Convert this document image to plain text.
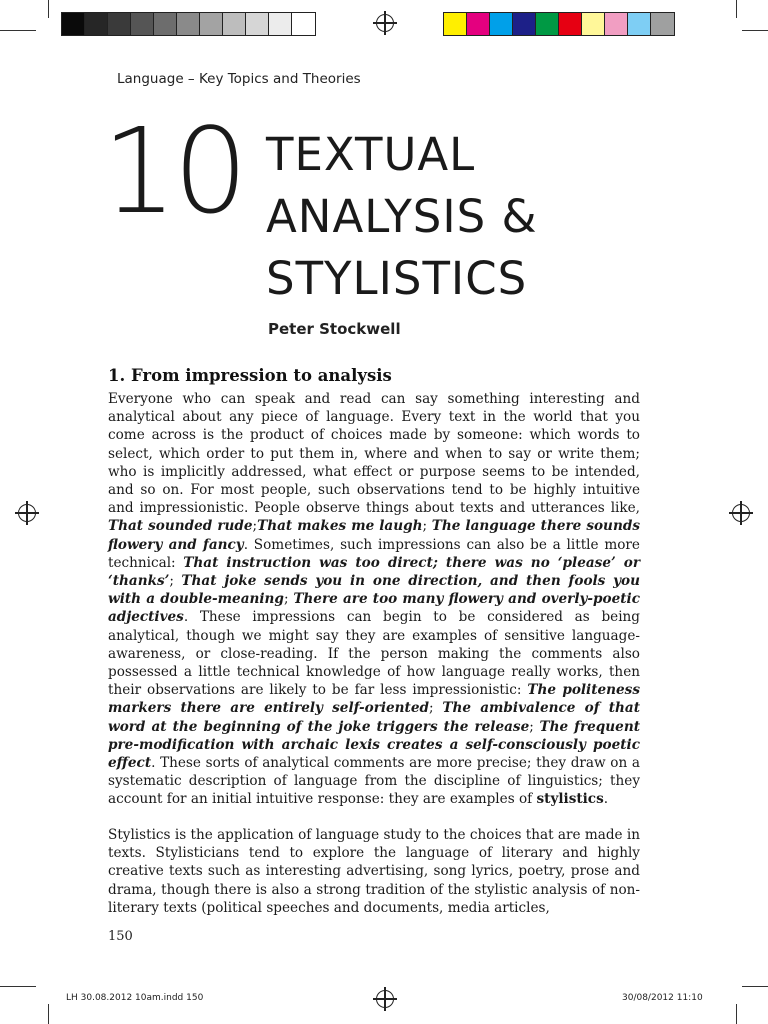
Language – Key Topics and Theories
10 TEXTUAL
ANALYSIS &
STYLISTICS
Peter Stockwell
1. From impression to analysis
Everyone who can speak and read can say something interesting and analytical about any piece of language. Every text in the world that you come across is the product of choices made by someone: which words to select, which order to put them in, where and when to say or write them; who is implicitly addressed, what effect or purpose seems to be intended, and so on. For most people, such observations tend to be highly intuitive and impressionistic. People observe things about texts and utterances like, That sounded rude;That makes me laugh; The language there sounds flowery and fancy. Sometimes, such impressions can also be a little more technical: That instruction was too direct; there was no ‘please’ or ‘thanks’; That joke sends you in one direction, and then fools you with a double-meaning; There are too many flowery and overly-poetic adjectives. These impressions can begin to be considered as being analytical, though we might say they are examples of sensitive language-awareness, or close-reading. If the person making the comments also possessed a little technical knowledge of how language really works, then their observations are likely to be far less impressionistic: The politeness markers there are entirely self-oriented; The ambivalence of that word at the beginning of the joke triggers the release; The frequent pre-modification with archaic lexis creates a self-consciously poetic effect. These sorts of analytical comments are more precise; they draw on a systematic description of language from the discipline of linguistics; they account for an initial intuitive response: they are examples of stylistics.
Stylistics is the application of language study to the choices that are made in texts. Stylisticians tend to explore the language of literary and highly creative texts such as interesting advertising, song lyrics, poetry, prose and drama, though there is also a strong tradition of the stylistic analysis of non-literary texts (political speeches and documents, media articles,
150
LH 30.08.2012 10am.indd 150	30/08/2012 11:10
